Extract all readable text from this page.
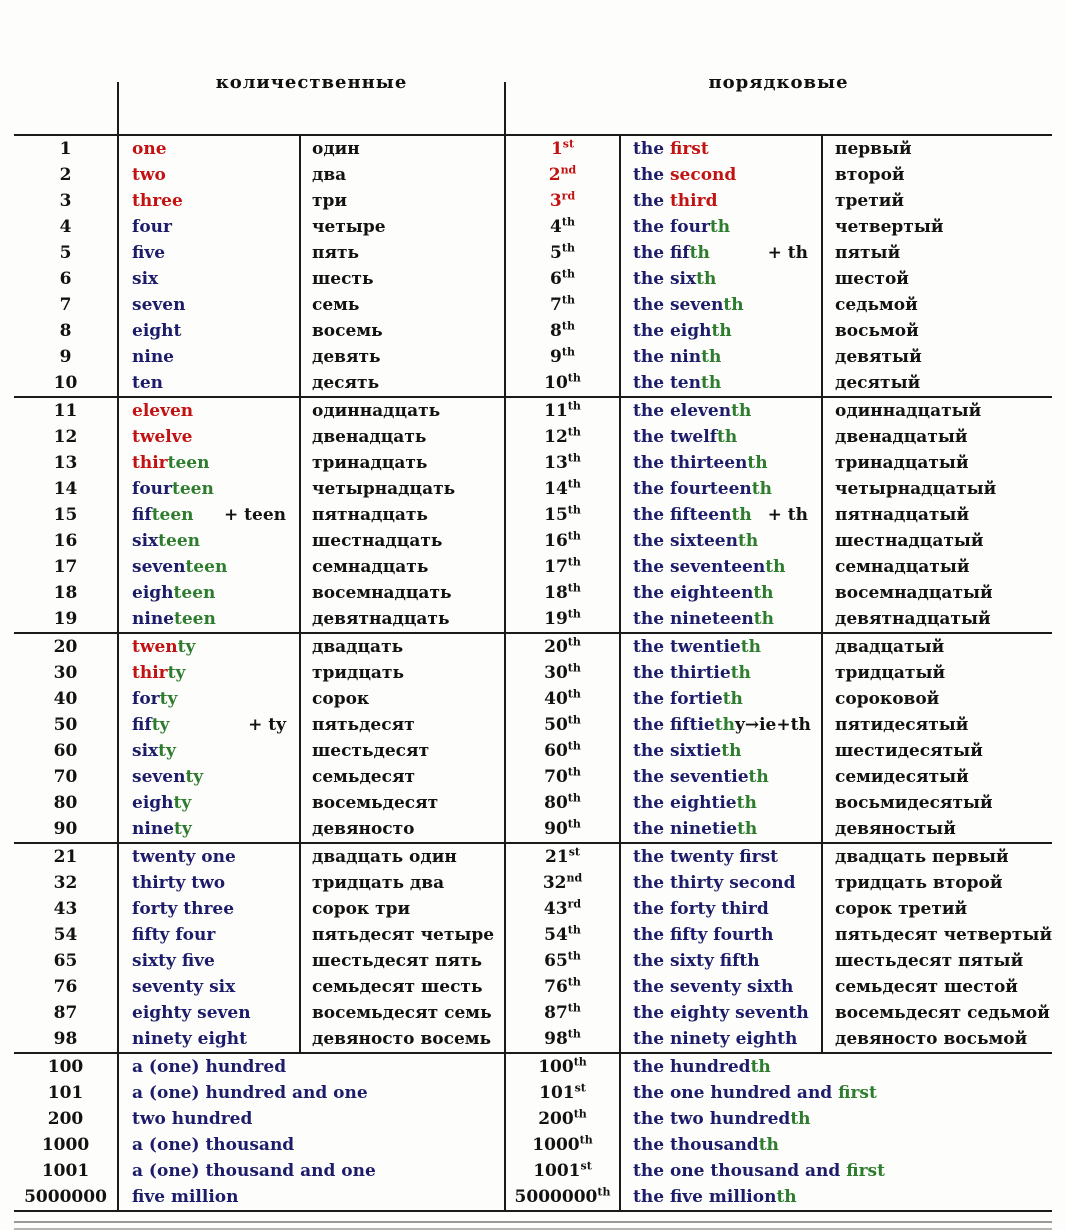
	количественные		порядковые		
1	one	один	1st	the first	первый
2	two	два	2nd	the second	второй
3	three	три	3rd	the third	третий
4	four	четыре	4th	the four th	четвертый
5	five	пять	5th	the fif th + th	пятый
6	six	шесть	6th	the six th	шестой
7	seven	семь	7th	the seven th	седьмой
8	eight	восемь	8th	the eigh th	восьмой
9	nine	девять	9th	the nin th	девятый
10	ten	десять	10th	the ten th	десятый
11	eleven	одиннадцать	11th	the eleven th	одиннадцатый
12	twelve	двенадцать	12th	the twelf th	двенадцатый
13	thir teen	тринадцать	13th	the thirteen th	тринадцатый
14	four teen	четырнадцать	14th	the fourteen th	четырнадцатый
15	fif teen + teen	пятнадцать	15th	the fifteen th + th	пятнадцатый
16	six teen	шестнадцать	16th	the sixteen th	шестнадцатый
17	seven teen	семнадцать	17th	the seventeen th	семнадцатый
18	eigh teen	восемнадцать	18th	the eighteen th	восемнадцатый
19	nine teen	девятнадцать	19th	the nineteen th	девятнадцатый
20	twen ty	двадцать	20th	the twentie th	двадцатый
30	thir ty	тридцать	30th	the thirtie th	тридцатый
40	for ty	сорок	40th	the fortie th	сороковой
50	fif ty + ty	пятьдесят	50th	the fiftie th y→ie+th	пятидесятый
60	six ty	шестьдесят	60th	the sixtie th	шестидесятый
70	seven ty	семьдесят	70th	the seventie th	семидесятый
80	eigh ty	восемьдесят	80th	the eightie th	восьмидесятый
90	nine ty	девяносто	90th	the ninetie th	девяностый
21	twenty one	двадцать один	21st	the twenty first	двадцать первый
32	thirty two	тридцать два	32nd	the thirty second	тридцать второй
43	forty three	сорок три	43rd	the forty third	сорок третий
54	fifty four	пятьдесят четыре	54th	the fifty fourth	пятьдесят четвертый
65	sixty five	шестьдесят пять	65th	the sixty fifth	шестьдесят пятый
76	seventy six	семьдесят шесть	76th	the seventy sixth	семьдесят шестой
87	eighty seven	восемьдесят семь	87th	the eighty seventh	восемьдесят седьмой
98	ninety eight	девяносто восемь	98th	the ninety eighth	девяносто восьмой
100	a (one) hundred		100th	the hundred th	

101	a (one) hundred and one		101st	the one hundred and first	

200	two hundred		200th	the two hundred th	

1000	a (one) thousand		1000th	the thousand th	

1001	a (one) thousand and one		1001st	the one thousand and first	

5000000	five million		5000000th	the five million th	
